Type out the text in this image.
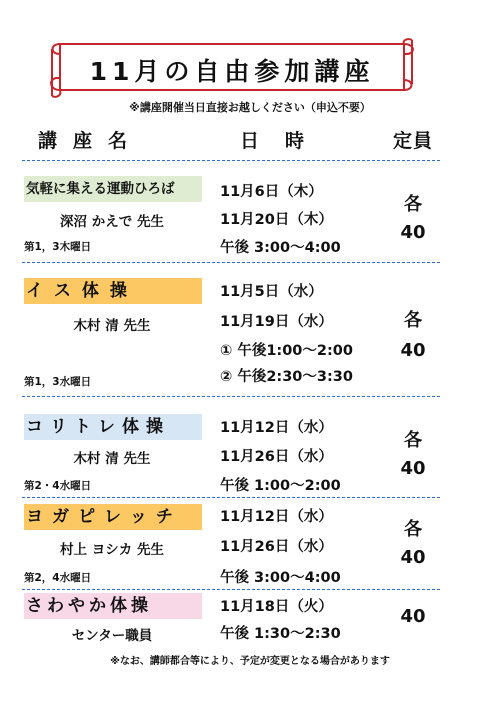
11月の自由参加講座
※講座開催当日直接お越しください（申込不要）
講座名	日時	定員
気軽に集える運動ひろば
深沼 かえで 先生
第1，3木曜日
11月6日（木）
11月20日（木）
午後 3:00～4:00
各
40
イス体操
木村 清 先生
第1，3水曜日
11月5日（水）
11月19日（水）
① 午後1:00～2:00
② 午後2:30～3:30
各
40
コリトレ体操
木村 清 先生
第2・4水曜日
11月12日（水）
11月26日（水）
午後 1:00～2:00
各
40
ヨガピレッチ
村上 ヨシカ 先生
第2，4水曜日
11月12日（水）
11月26日（水）
午後 3:00～4:00
各
40
さわやか体操
センター職員
11月18日（火）
午後 1:30～2:30
40
※なお、講師都合等により、予定が変更となる場合があります
